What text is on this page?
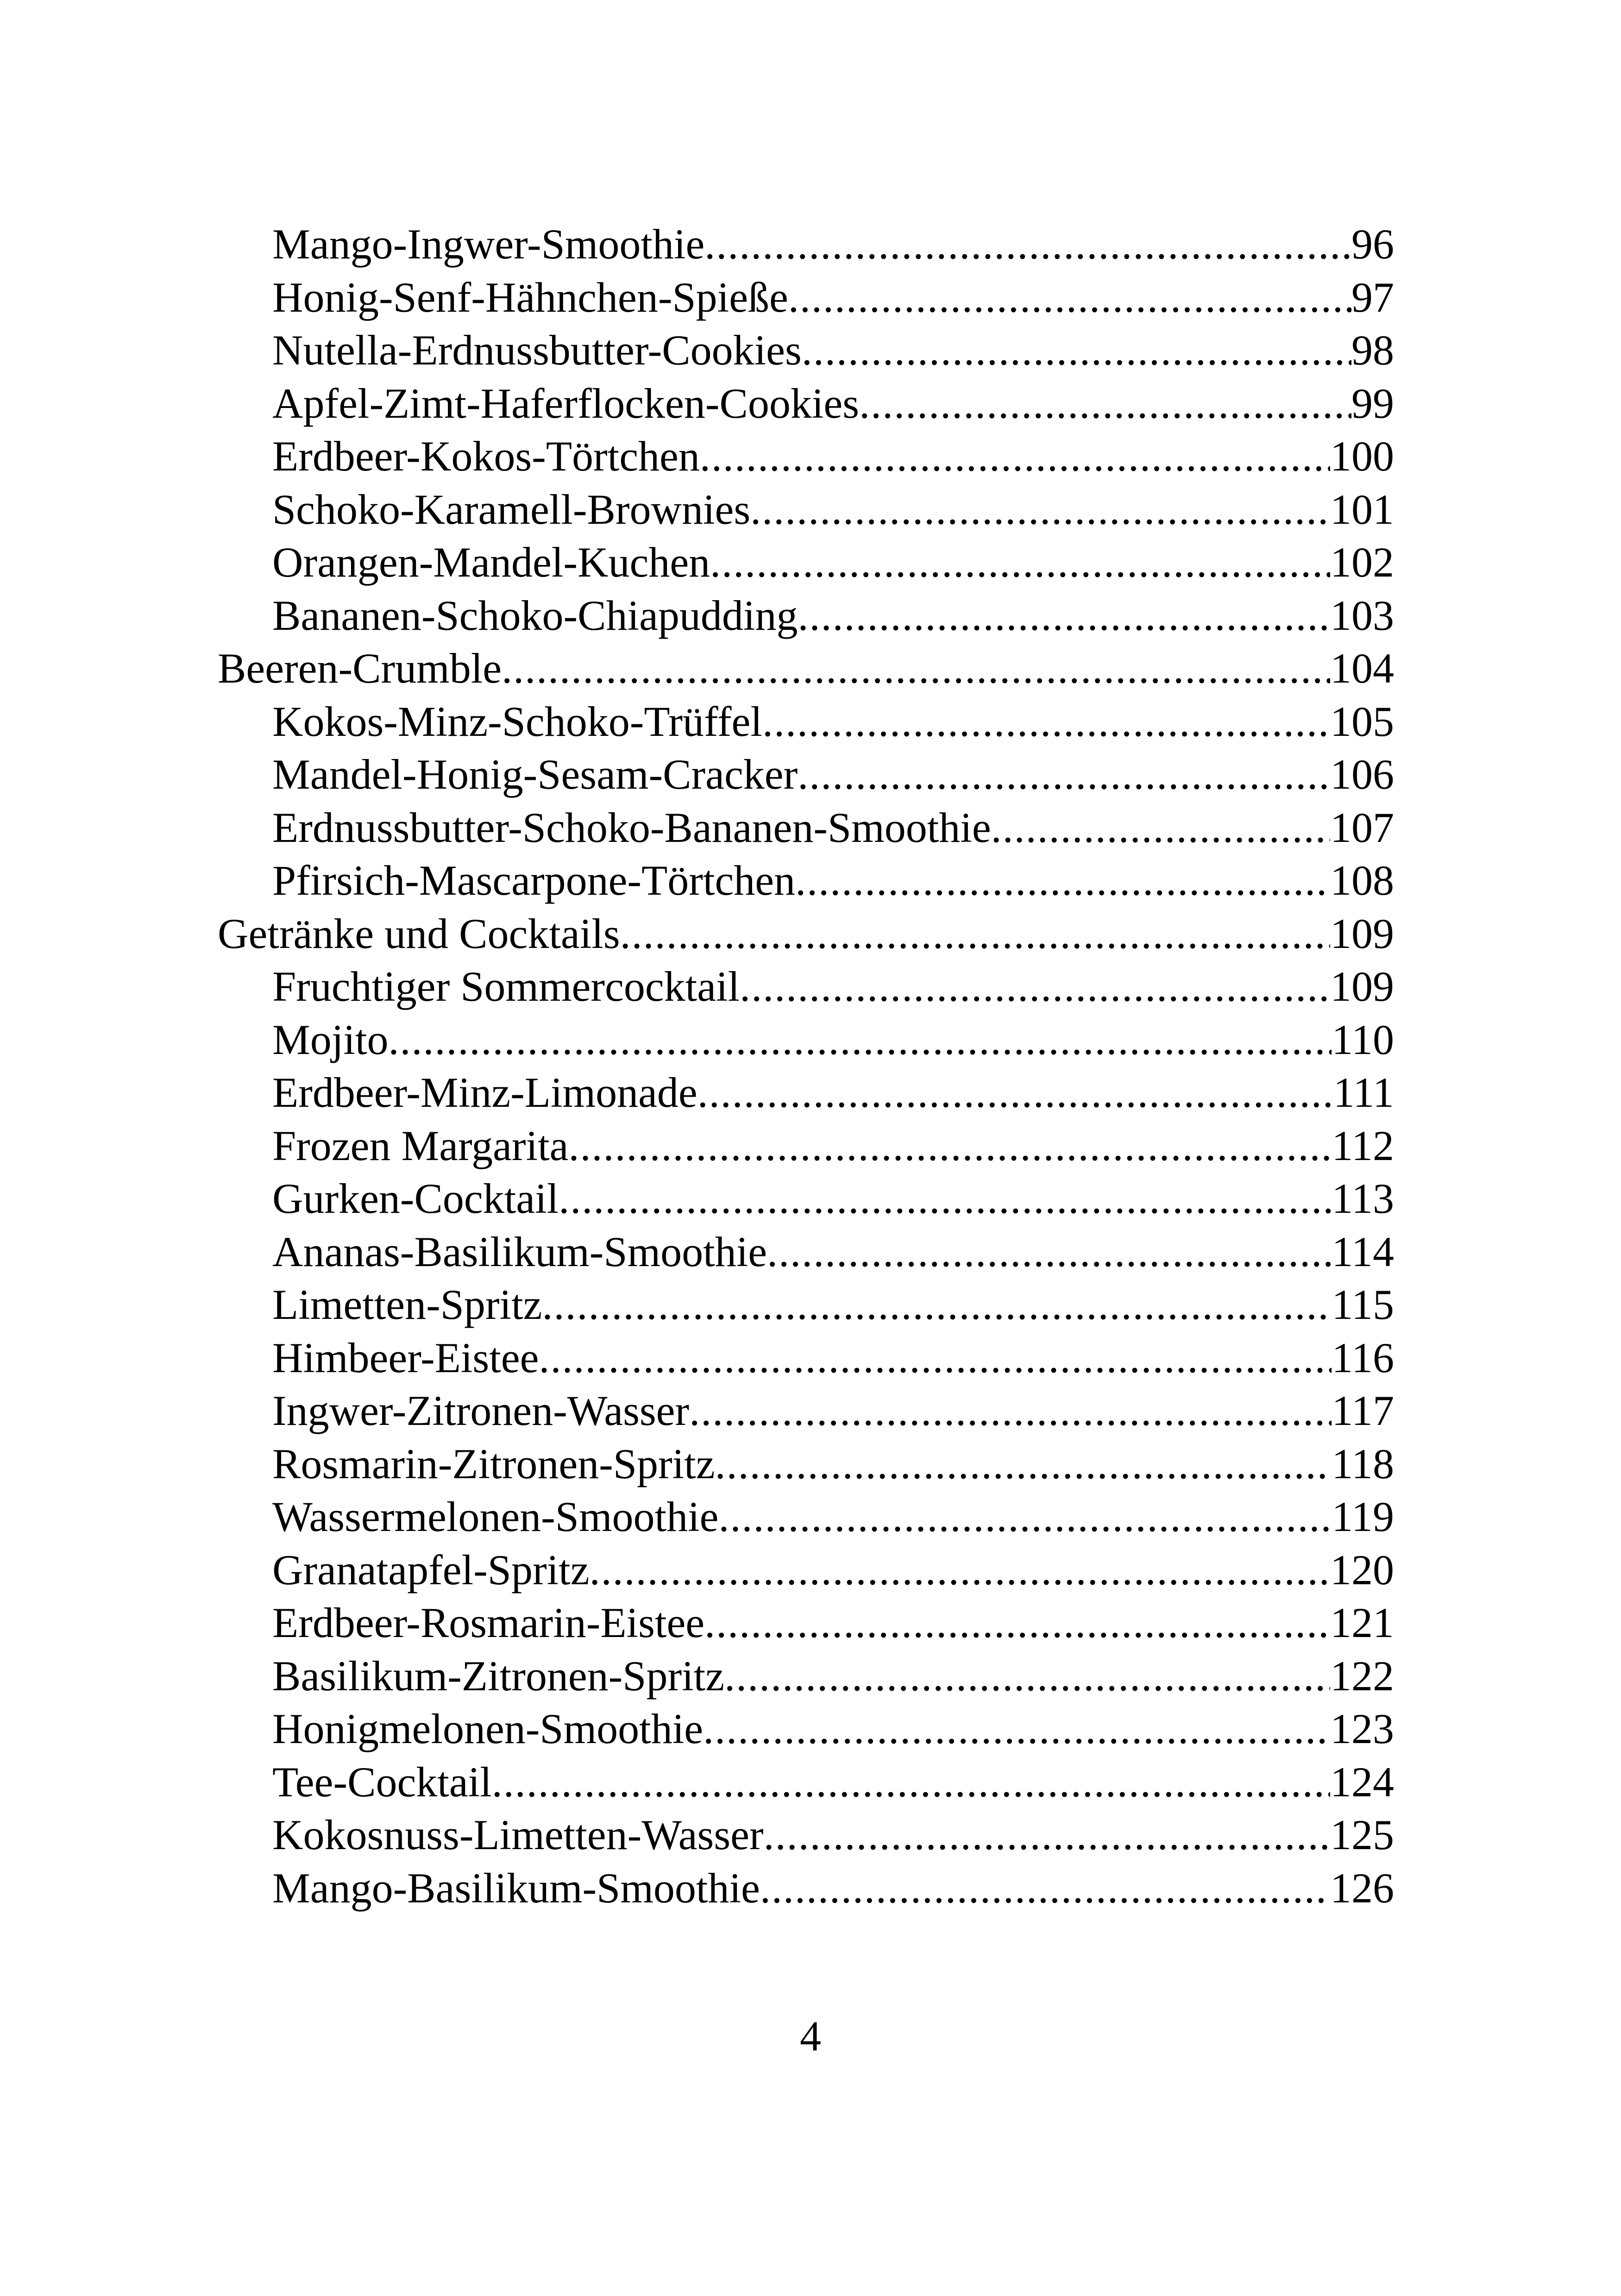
Mango-Ingwer-Smoothie .....	96
Honig-Senf-Hähnchen-Spieße .....	97
Nutella-Erdnussbutter-Cookies .....	98
Apfel-Zimt-Haferflocken-Cookies .....	99
Erdbeer-Kokos-Törtchen .....	100
Schoko-Karamell-Brownies .....	101
Orangen-Mandel-Kuchen .....	102
Bananen-Schoko-Chiapudding .....	103
Beeren-Crumble .....	104
Kokos-Minz-Schoko-Trüffel .....	105
Mandel-Honig-Sesam-Cracker .....	106
Erdnussbutter-Schoko-Bananen-Smoothie .....	107
Pfirsich-Mascarpone-Törtchen .....	108
Getränke und Cocktails .....	109
Fruchtiger Sommercocktail .....	109
Mojito .....	110
Erdbeer-Minz-Limonade .....	111
Frozen Margarita .....	112
Gurken-Cocktail .....	113
Ananas-Basilikum-Smoothie .....	114
Limetten-Spritz .....	115
Himbeer-Eistee .....	116
Ingwer-Zitronen-Wasser .....	117
Rosmarin-Zitronen-Spritz .....	118
Wassermelonen-Smoothie .....	119
Granatapfel-Spritz .....	120
Erdbeer-Rosmarin-Eistee .....	121
Basilikum-Zitronen-Spritz .....	122
Honigmelonen-Smoothie .....	123
Tee-Cocktail .....	124
Kokosnuss-Limetten-Wasser .....	125
Mango-Basilikum-Smoothie .....	126
4
